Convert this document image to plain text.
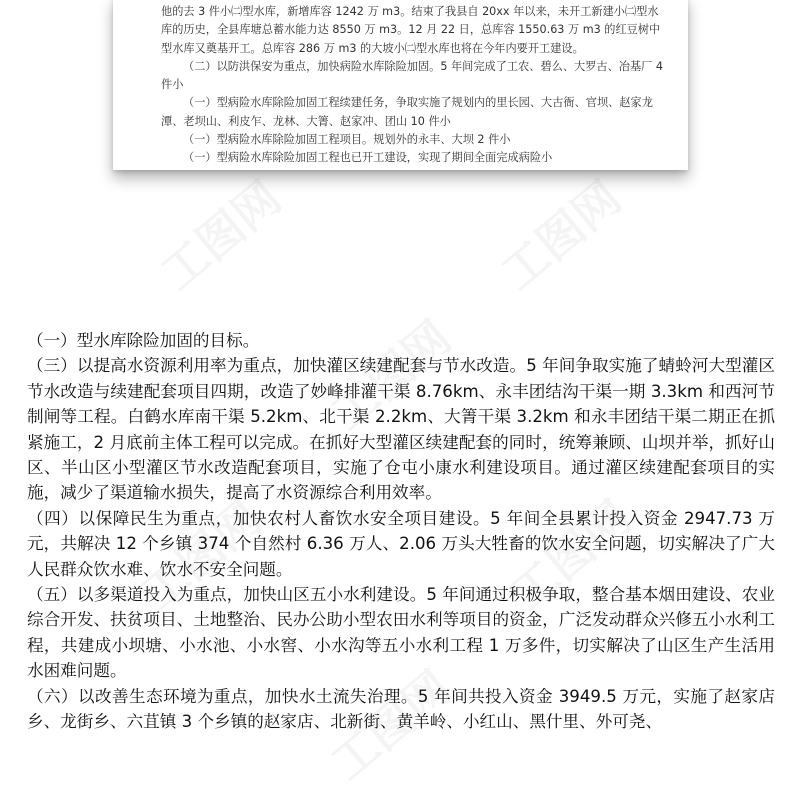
他的去 3 件小㈡型水库，新增库容 1242 万 m3。结束了我县自 20xx 年以来，未开工新建小㈡型水库的历史，全县库塘总蓄水能力达 8550 万 m3。12 月 22 日，总库容 1550.63 万 m3 的红豆树中型水库又奠基开工。总库容 286 万 m3 的大坡小㈡型水库也将在今年内要开工建设。

（二）以防洪保安为重点，加快病险水库除险加固。5 年间完成了工农、碧么、大罗古、冶基厂 4 件小

（一）型病险水库除险加固工程续建任务，争取实施了规划内的里长园、大古衙、官坝、赵家龙潭、老坝山、利皮乍、龙林、大箐、赵家冲、团山 10 件小

（一）型病险水库除险加固工程项目。规划外的永丰、大坝 2 件小

（一）型病险水库除险加固工程也已开工建设，实现了期间全面完成病险小

（一）型水库除险加固的目标。

（三）以提高水资源利用率为重点，加快灌区续建配套与节水改造。5 年间争取实施了蜻蛉河大型灌区节水改造与续建配套项目四期，改造了妙峰排灌干渠 8.76km、永丰团结沟干渠一期 3.3km 和西河节制闸等工程。白鹤水库南干渠 5.2km、北干渠 2.2km、大箐干渠 3.2km 和永丰团结干渠二期正在抓紧施工，2 月底前主体工程可以完成。在抓好大型灌区续建配套的同时，统筹兼顾、山坝并举，抓好山区、半山区小型灌区节水改造配套项目，实施了仓屯小康水利建设项目。通过灌区续建配套项目的实施，减少了渠道输水损失，提高了水资源综合利用效率。

（四）以保障民生为重点，加快农村人畜饮水安全项目建设。5 年间全县累计投入资金 2947.73 万元，共解决 12 个乡镇 374 个自然村 6.36 万人、2.06 万头大牲畜的饮水安全问题，切实解决了广大人民群众饮水难、饮水不安全问题。

（五）以多渠道投入为重点，加快山区五小水利建设。5 年间通过积极争取，整合基本烟田建设、农业综合开发、扶贫项目、土地整治、民办公助小型农田水利等项目的资金，广泛发动群众兴修五小水利工程，共建成小坝塘、小水池、小水窖、小水沟等五小水利工程 1 万多件，切实解决了山区生产生活用水困难问题。

（六）以改善生态环境为重点，加快水土流失治理。5 年间共投入资金 3949.5 万元，实施了赵家店乡、龙街乡、六苴镇 3 个乡镇的赵家店、北新街、黄羊岭、小红山、黑什里、外可尧、
